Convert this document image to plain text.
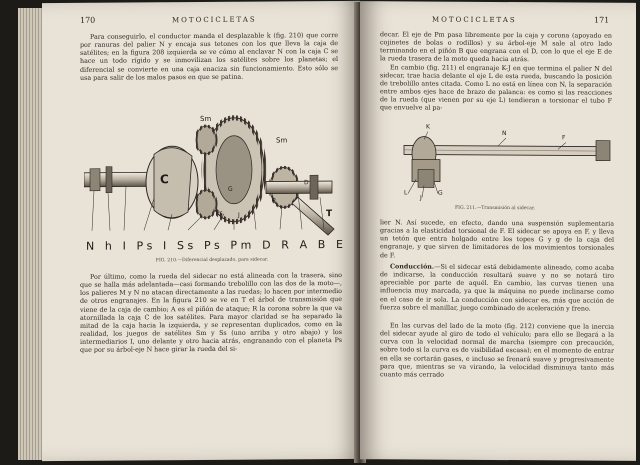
170	MOTOCICLETAS

Para conseguirlo, el conductor manda el desplazable k (fig. 210) que corre por ranuras del palier N y encaja sus tetones con los que lleva la caja de satélites; en la figura 208 izquierda se ve cómo al enclavar N con la caja C se hace un todo rígido y se inmovilizan los satélites sobre los planetas; el diferencial se convierte en una caja enaciza sin funcionamiento. Esto sólo se usa para salir de los malos pasos en que se patina.

Sm
Sm
C
T
G
J
Ps
R
D
N h I Ps I Ss Ps Pm D R A B E
FIG. 210.—Diferencial desplazado, para sidecar.

Por último, como la rueda del sidecar no está alineada con la trasera, sino que se halla más adelantada—casi formando trebolillo con las dos de la moto—, los palieres M y N no atacan directamente a las ruedas; lo hacen por intermedio de otros engranajes. En la figura 210 se ve en T el árbol de transmisión que viene de la caja de cambio; A es el piñón de ataque; R la corona sobre la que va atornillada la caja C de los satélites. Para mayor claridad se ha separado la mitad de la caja hacia la izquierda, y se representan duplicados, como en la realidad, los juegos de satélites Sm y Ss (uno arriba y otro abajo) y los intermediarios I, uno delante y otro hacia atrás, engranando con el planeta Ps que por su árbol-eje N hace girar la rueda del si-

MOTOCICLETAS	171

decar. El eje de Pm pasa libremente por la caja y corona (apoyado en cojinetes de bolas o rodillos) y su árbol-eje M sale al otro lado terminando en el piñón B que engrana con el D, con lo que el eje E de la rueda trasera de la moto queda hacia atrás.

En cambio (fig. 211) el engranaje K-J en que termina el palier N del sidecar, trae hacia delante el eje L de esta rueda, buscando la posición de trebolillo antes citada. Como L no está en línea con N, la separación entre ambos ejes hace de brazo de palanca: es como si las reacciones de la rueda (que vienen por su eje L) tendieran a torsionar el tubo F que envuelve al pa-

K
N
F
L
J
G
FIG. 211.—Transmisión al sidecar.

lier N. Así sucede, en efecto, dando una suspensión suplementaria gracias a la elasticidad torsional de F. El sidecar se apoya en F, y lleva un tetón que entra holgado entre los topes G y g de la caja del engranaje, y que sirven de limitadores de los movimientos torsionales de F.

Conducción.—Si el sidecar está debidamente alineado, como acaba de indicarse, la conducción resultará suave y no se notará tiro apreciable por parte de aquél. En cambio, las curvas tienen una influencia muy marcada, ya que la máquina no puede inclinarse como en el caso de ir sola. La conducción con sidecar es, más que acción de fuerza sobre el manillar, juego combinado de aceleración y freno.

En las curvas del lado de la moto (fig. 212) conviene que la inercia del sidecar ayude al giro de todo el vehículo; para ello se llegará a la curva con la velocidad normal de marcha (siempre con precaución, sobre todo si la curva es de visibilidad escasa); en el momento de entrar en ella se cortarán gases, e incluso se frenará suave y progresivamente para que, mientras se va virando, la velocidad disminuya tanto más cuanto más cerrado
